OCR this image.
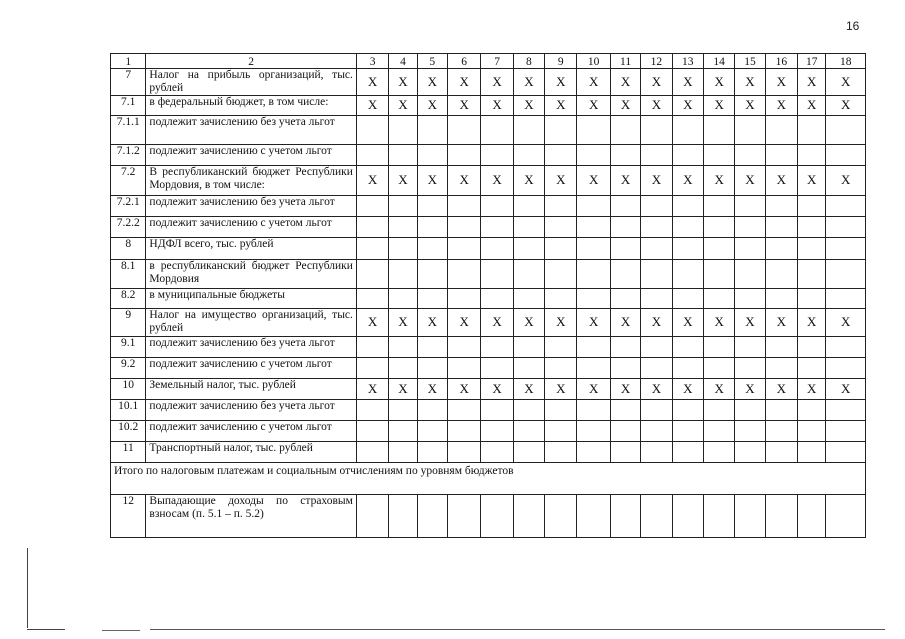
16
1	2	3	4	5	6	7	8	9	10	11	12	13	14	15	16	17	18
7	Налог на прибыль организаций, тыс. рублей	Х	Х	Х	Х	Х	Х	Х	Х	Х	Х	Х	Х	Х	Х	Х	Х
7.1	в федеральный бюджет, в том числе:	Х	Х	Х	Х	Х	Х	Х	Х	Х	Х	Х	Х	Х	Х	Х	Х
7.1.1	подлежит зачислению без учета льгот																
7.1.2	подлежит зачислению с учетом льгот																
7.2	В республиканский бюджет Республики Мордовия, в том числе:	Х	Х	Х	Х	Х	Х	Х	Х	Х	Х	Х	Х	Х	Х	Х	Х
7.2.1	подлежит зачислению без учета льгот																
7.2.2	подлежит зачислению с учетом льгот																
8	НДФЛ всего, тыс. рублей																
8.1	в республиканский бюджет Республики Мордовия																
8.2	в муниципальные бюджеты																
9	Налог на имущество организаций, тыс. рублей	Х	Х	Х	Х	Х	Х	Х	Х	Х	Х	Х	Х	Х	Х	Х	Х
9.1	подлежит зачислению без учета льгот																
9.2	подлежит зачислению с учетом льгот																
10	Земельный налог, тыс. рублей	Х	Х	Х	Х	Х	Х	Х	Х	Х	Х	Х	Х	Х	Х	Х	Х
10.1	подлежит зачислению без учета льгот																
10.2	подлежит зачислению с учетом льгот																
11	Транспортный налог, тыс. рублей																
Итого по налоговым платежам и социальным отчислениям по уровням бюджетов																	
12	Выпадающие доходы по страховым взносам (п. 5.1 – п. 5.2)																
